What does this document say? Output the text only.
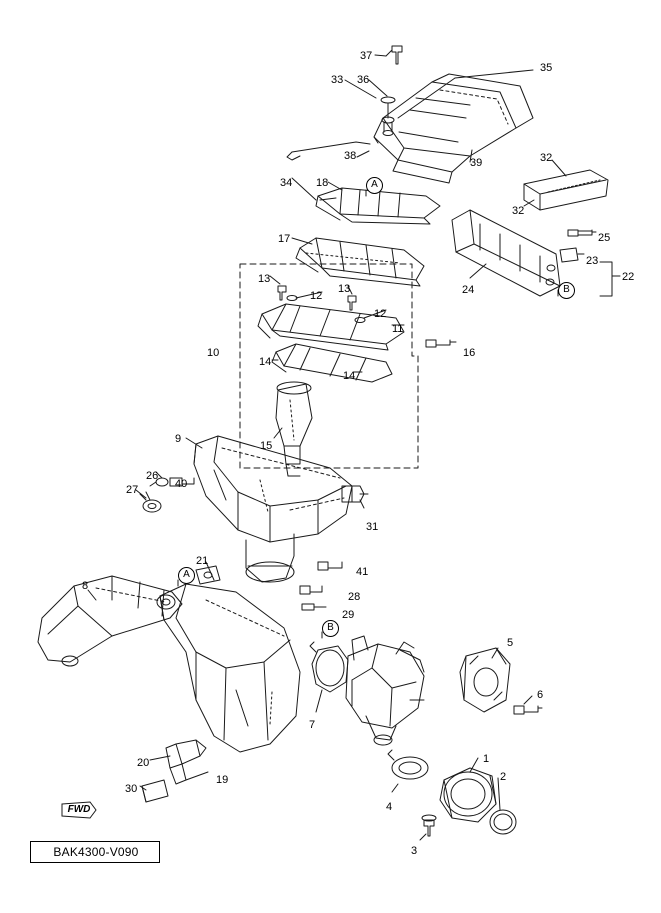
37
35
33 36
38
39	32
34 18
32
25
17
23
24
22
13
13
12
12
11
16
10
14
14
15
9
26
40
27
31
21
41
28
29
8
5
6
7
1
2
20
19
30
4
3
A
B
A
B
FWD
BAK4300-V090
